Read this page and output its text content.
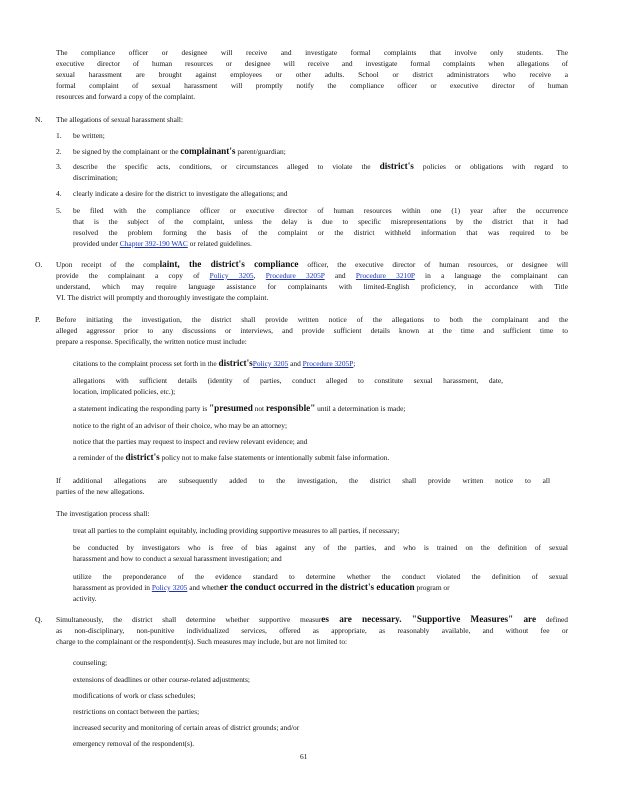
The compliance officer or designee will receive and investigate formal complaints that involve only students. The
executive director of human resources or designee will receive and investigate formal complaints when allegations of
sexual harassment are brought against employees or other adults. School or district administrators who receive a
formal complaint of sexual harassment will promptly notify the compliance officer or executive director of human
resources and forward a copy of the complaint.
N. The allegations of sexual harassment shall:
1. be written;
2. be signed by the complainant or the complainant's parent/guardian;
3. describe the specific acts, conditions, or circumstances alleged to violate the district's policies or obligations with regard to
discrimination;
4. clearly indicate a desire for the district to investigate the allegations; and
5. be filed with the compliance officer or executive director of human resources within one (1) year after the occurrence
that is the subject of the complaint, unless the delay is due to specific misrepresentations by the district that it had
resolved the problem forming the basis of the complaint or the district withheld information that was required to be
provided under Chapter 392-190 WAC or related guidelines.
O. Upon receipt of the complaint, the district's compliance officer, the executive director of human resources, or designee will
provide the complainant a copy of Policy 3205, Procedure 3205P and Procedure 3210P in a language the complainant can
understand, which may require language assistance for complainants with limited-English proficiency, in accordance with Title
VI. The district will promptly and thoroughly investigate the complaint.
P. Before initiating the investigation, the district shall provide written notice of the allegations to both the complainant and the
alleged aggressor prior to any discussions or interviews, and provide sufficient details known at the time and sufficient time to
prepare a response. Specifically, the written notice must include:
citations to the complaint process set forth in the district'sPolicy 3205 and Procedure 3205P;
allegations with sufficient details (identity of parties, conduct alleged to constitute sexual harassment, date,
location, implicated policies, etc.);
a statement indicating the responding party is "presumed not responsible" until a determination is made;
notice to the right of an advisor of their choice, who may be an attorney;
notice that the parties may request to inspect and review relevant evidence; and
a reminder of the district's policy not to make false statements or intentionally submit false information.
If additional allegations are subsequently added to the investigation, the district shall provide written notice to all
parties of the new allegations.
The investigation process shall:
treat all parties to the complaint equitably, including providing supportive measures to all parties, if necessary;
be conducted by investigators who is free of bias against any of the parties, and who is trained on the definition of sexual
harassment and how to conduct a sexual harassment investigation; and
utilize the preponderance of the evidence standard to determine whether the conduct violated the definition of sexual
harassment as provided in Policy 3205 and whether the conduct occurred in the district's education program or
activity.
Q. Simultaneously, the district shall determine whether supportive measures are necessary. "Supportive Measures" are defined
as non-disciplinary, non-punitive individualized services, offered as appropriate, as reasonably available, and without fee or
charge to the complainant or the respondent(s). Such measures may include, but are not limited to:
counseling;
extensions of deadlines or other course-related adjustments;
modifications of work or class schedules;
restrictions on contact between the parties;
increased security and monitoring of certain areas of district grounds; and/or
emergency removal of the respondent(s).
61
